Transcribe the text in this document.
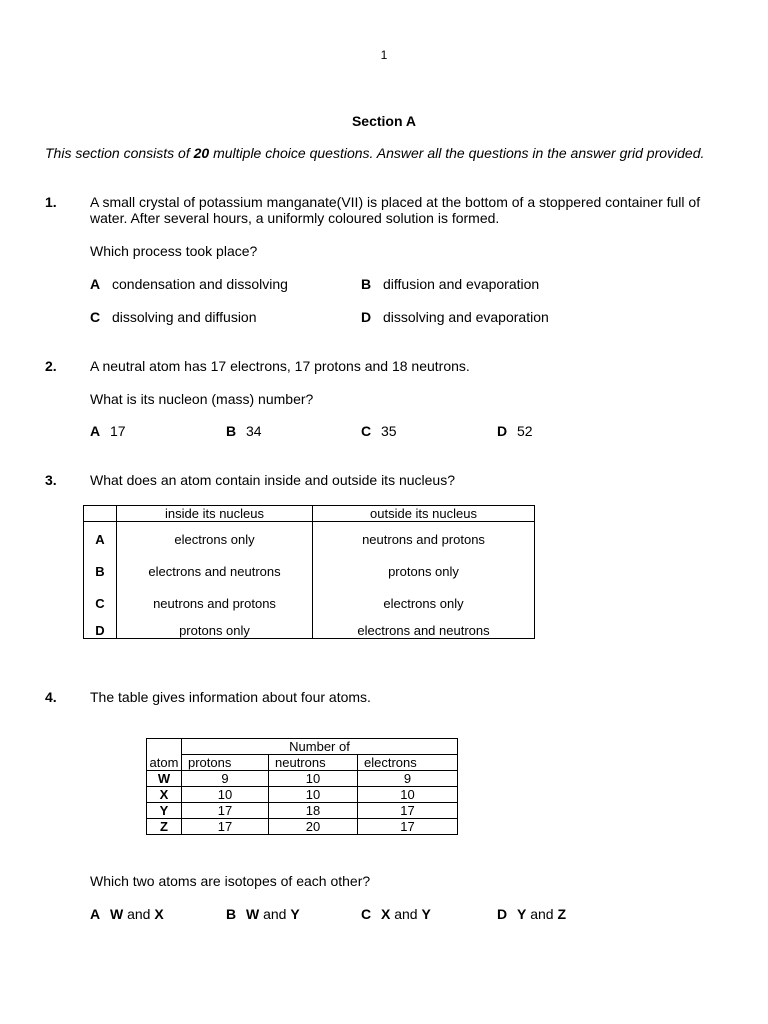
1
Section A
This section consists of 20 multiple choice questions. Answer all the questions in the answer grid provided.
1. A small crystal of potassium manganate(VII) is placed at the bottom of a stoppered container full of water. After several hours, a uniformly coloured solution is formed.
Which process took place?
A condensation and dissolving	B diffusion and evaporation
C dissolving and diffusion	D dissolving and evaporation
2. A neutral atom has 17 electrons, 17 protons and 18 neutrons.
What is its nucleon (mass) number?
A 17	B 34	C 35	D 52
3. What does an atom contain inside and outside its nucleus?
	inside its nucleus	outside its nucleus
A	electrons only	neutrons and protons
B	electrons and neutrons	protons only
C	neutrons and protons	electrons only
D	protons only	electrons and neutrons
4. The table gives information about four atoms.
atom	Number of		
	protons	neutrons	electrons
W	9	10	9
X	10	10	10
Y	17	18	17
Z	17	20	17
Which two atoms are isotopes of each other?
A W and X	B W and Y	C X and Y	D Y and Z
